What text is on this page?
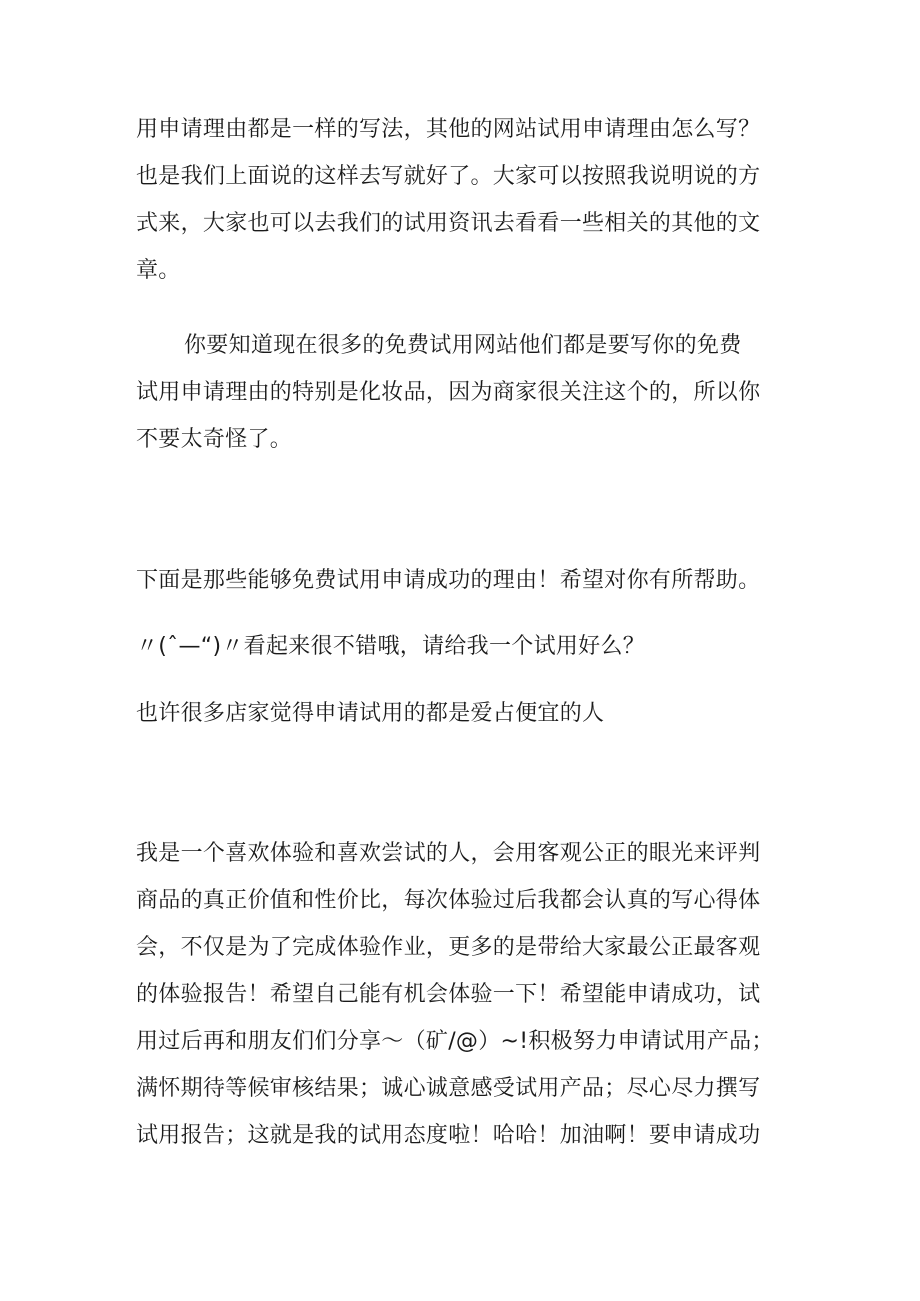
用申请理由都是一样的写法，其他的网站试用申请理由怎么写？

也是我们上面说的这样去写就好了。大家可以按照我说明说的方

式来，大家也可以去我们的试用资讯去看看一些相关的其他的文

章。

你要知道现在很多的免费试用网站他们都是要写你的免费

试用申请理由的特别是化妆品，因为商家很关注这个的，所以你

不要太奇怪了。

下面是那些能够免费试用申请成功的理由！希望对你有所帮助。

〃(ˆ—“)〃看起来很不错哦，请给我一个试用好么？

也许很多店家觉得申请试用的都是爱占便宜的人

我是一个喜欢体验和喜欢尝试的人，会用客观公正的眼光来评判

商品的真正价值和性价比，每次体验过后我都会认真的写心得体

会，不仅是为了完成体验作业，更多的是带给大家最公正最客观

的体验报告！希望自己能有机会体验一下！希望能申请成功，试

用过后再和朋友们们分享～（矿/@）~!积极努力申请试用产品；

满怀期待等候审核结果；诚心诚意感受试用产品；尽心尽力撰写

试用报告；这就是我的试用态度啦！哈哈！加油啊！要申请成功
